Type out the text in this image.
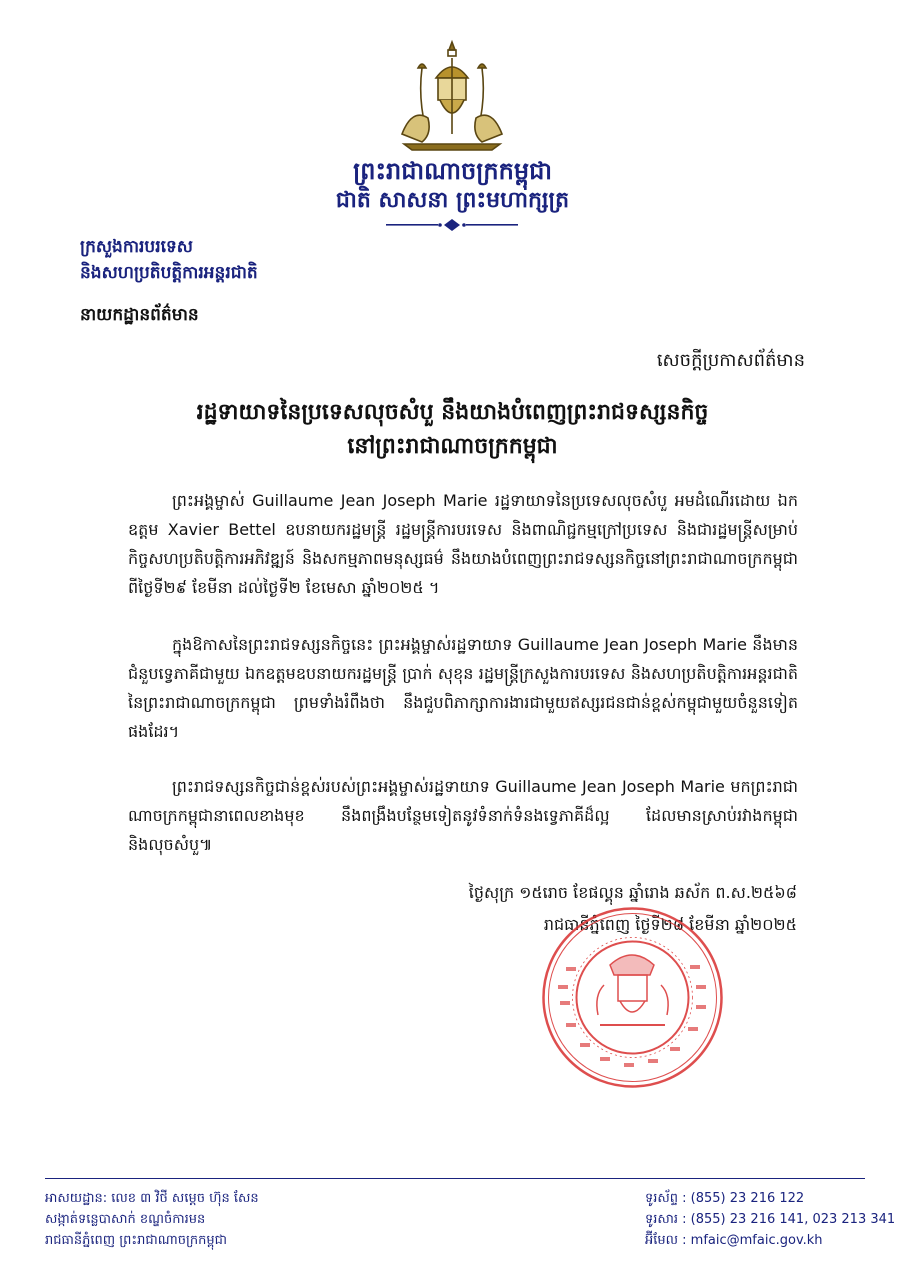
ព្រះរាជាណាចក្រកម្ពុជា
ជាតិ សាសនា ព្រះមហាក្សត្រ
ក្រសួងការបរទេស
និងសហប្រតិបត្តិការអន្តរជាតិ
នាយកដ្ឋានព័ត៌មាន
សេចក្តីប្រកាសព័ត៌មាន
រដ្ឋទាយាទនៃប្រទេសលុចសំបួ នឹងយាងបំពេញព្រះរាជទស្សនកិច្ច
នៅព្រះរាជាណាចក្រកម្ពុជា
ព្រះអង្គម្ចាស់ Guillaume Jean Joseph Marie រដ្ឋទាយាទនៃប្រទេសលុចសំបួ អមដំណើរដោយ ឯកឧត្តម Xavier Bettel ឧបនាយករដ្ឋមន្ត្រី រដ្ឋមន្ត្រីការបរទេស និងពាណិជ្ជកម្មក្រៅប្រទេស និងជារដ្ឋមន្ត្រីសម្រាប់កិច្ចសហប្រតិបត្តិការអភិវឌ្ឍន៍ និងសកម្មភាពមនុស្សធម៌ នឹងយាងបំពេញព្រះរាជទស្សនកិច្ចនៅព្រះរាជាណាចក្រកម្ពុជា ពីថ្ងៃទី២៩ ខែមីនា ដល់ថ្ងៃទី២ ខែមេសា ឆ្នាំ២០២៥ ។
ក្នុងឱកាសនៃព្រះរាជទស្សនកិច្ចនេះ ព្រះអង្គម្ចាស់រដ្ឋទាយាទ Guillaume Jean Joseph Marie នឹងមានជំនួបទ្វេភាគីជាមួយ ឯកឧត្តមឧបនាយករដ្ឋមន្ត្រី ប្រាក់ សុខុន រដ្ឋមន្ត្រីក្រសួងការបរទេស និងសហប្រតិបត្តិការអន្តរជាតិ នៃព្រះរាជាណាចក្រកម្ពុជា ព្រមទាំងរំពឹងថា នឹងជួបពិភាក្សាការងារជាមួយឥស្សរជនជាន់ខ្ពស់កម្ពុជាមួយចំនួនទៀត ផងដែរ។
ព្រះរាជទស្សនកិច្ចជាន់ខ្ពស់របស់ព្រះអង្គម្ចាស់រដ្ឋទាយាទ Guillaume Jean Joseph Marie មកព្រះរាជាណាចក្រកម្ពុជានាពេលខាងមុខ នឹងពង្រឹងបន្ថែមទៀតនូវទំនាក់ទំនងទ្វេភាគីដ៏ល្អ ដែលមានស្រាប់រវាងកម្ពុជា និងលុចសំបួ៕
ថ្ងៃសុក្រ ១៥រោច ខែផល្គុន ឆ្នាំរោង ឆស័ក ព.ស.២៥៦៨
រាជធានីភ្នំពេញ ថ្ងៃទី២៨ ខែមីនា ឆ្នាំ២០២៥
អាសយដ្ឋាន: លេខ ៣ វិថី សម្តេច ហ៊ុន សែន
សង្កាត់ទន្លេបាសាក់ ខណ្ឌចំការមន
រាជធានីភ្នំពេញ ព្រះរាជាណាចក្រកម្ពុជា
ទូរស័ព្ទ : (855) 23 216 122
ទូរសារ : (855) 23 216 141, 023 213 341
អ៊ីមែល : mfaic@mfaic.gov.kh
